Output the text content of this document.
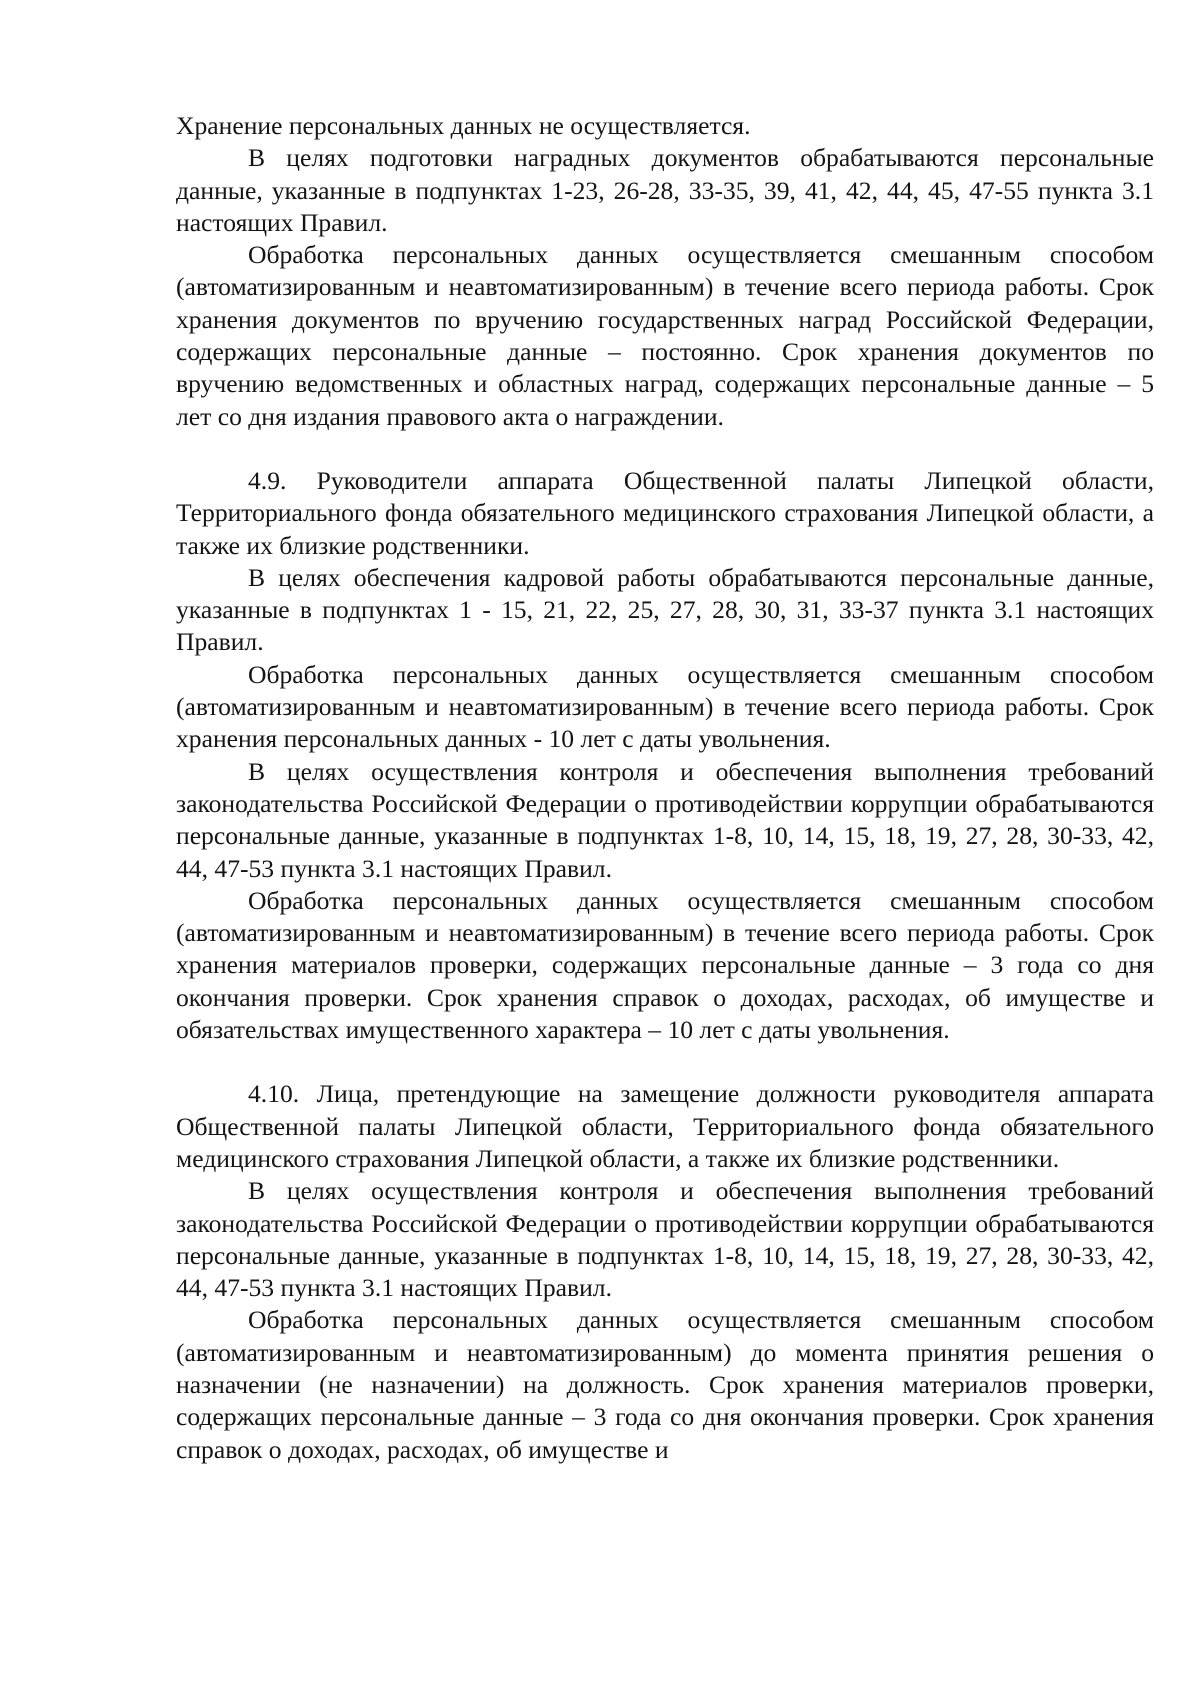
Хранение персональных данных не осуществляется.

В целях подготовки наградных документов обрабатываются персональные данные, указанные в подпунктах 1-23, 26-28, 33-35, 39, 41, 42, 44, 45, 47-55 пункта 3.1 настоящих Правил.

Обработка персональных данных осуществляется смешанным способом (автоматизированным и неавтоматизированным) в течение всего периода работы. Срок хранения документов по вручению государственных наград Российской Федерации, содержащих персональные данные – постоянно. Срок хранения документов по вручению ведомственных и областных наград, содержащих персональные данные – 5 лет со дня издания правового акта о награждении.

4.9. Руководители аппарата Общественной палаты Липецкой области, Территориального фонда обязательного медицинского страхования Липецкой области, а также их близкие родственники.

В целях обеспечения кадровой работы обрабатываются персональные данные, указанные в подпунктах 1 - 15, 21, 22, 25, 27, 28, 30, 31, 33-37 пункта 3.1 настоящих Правил.

Обработка персональных данных осуществляется смешанным способом (автоматизированным и неавтоматизированным) в течение всего периода работы. Срок хранения персональных данных - 10 лет с даты увольнения.

В целях осуществления контроля и обеспечения выполнения требований законодательства Российской Федерации о противодействии коррупции обрабатываются персональные данные, указанные в подпунктах 1-8, 10, 14, 15, 18, 19, 27, 28, 30-33, 42, 44, 47-53 пункта 3.1 настоящих Правил.

Обработка персональных данных осуществляется смешанным способом (автоматизированным и неавтоматизированным) в течение всего периода работы. Срок хранения материалов проверки, содержащих персональные данные – 3 года со дня окончания проверки. Срок хранения справок о доходах, расходах, об имуществе и обязательствах имущественного характера – 10 лет с даты увольнения.

4.10. Лица, претендующие на замещение должности руководителя аппарата Общественной палаты Липецкой области, Территориального фонда обязательного медицинского страхования Липецкой области, а также их близкие родственники.

В целях осуществления контроля и обеспечения выполнения требований законодательства Российской Федерации о противодействии коррупции обрабатываются персональные данные, указанные в подпунктах 1-8, 10, 14, 15, 18, 19, 27, 28, 30-33, 42, 44, 47-53 пункта 3.1 настоящих Правил.

Обработка персональных данных осуществляется смешанным способом (автоматизированным и неавтоматизированным) до момента принятия решения о назначении (не назначении) на должность. Срок хранения материалов проверки, содержащих персональные данные – 3 года со дня окончания проверки. Срок хранения справок о доходах, расходах, об имуществе и
